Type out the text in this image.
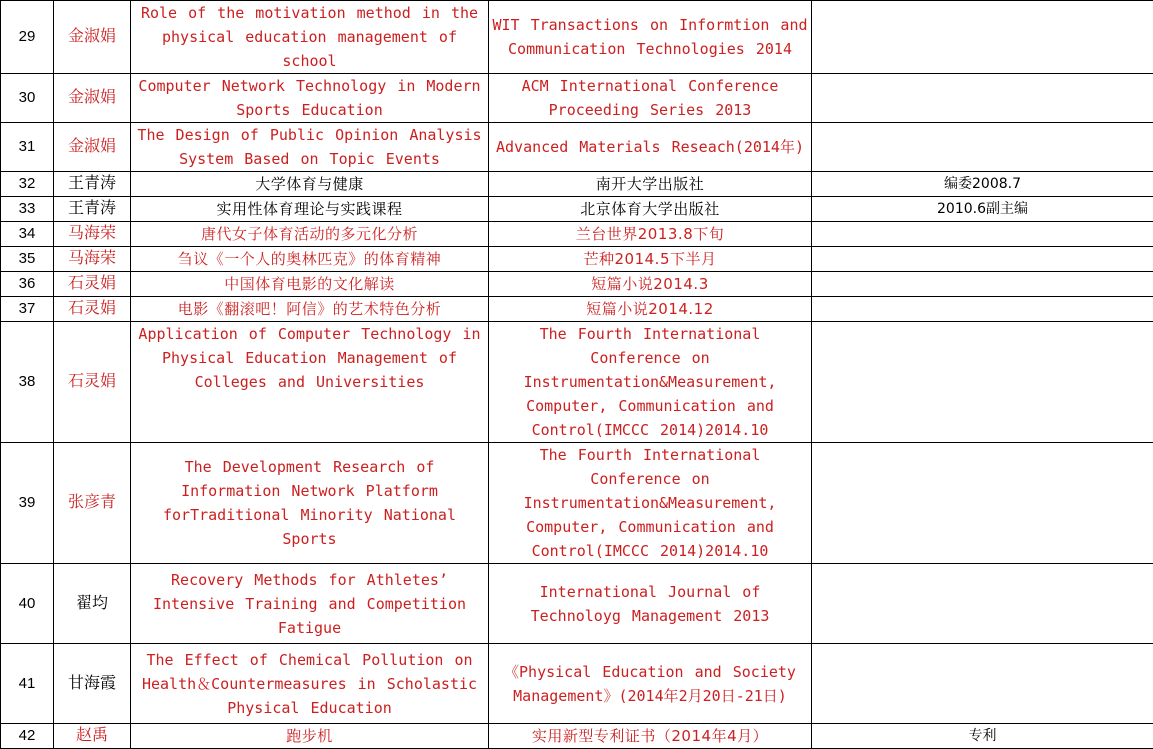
29	金淑娟	Role of the motivation method in the physical education management of school	WIT Transactions on Informtion and Communication Technologies 2014	
30	金淑娟	Computer Network Technology in Modern Sports Education	ACM International Conference Proceeding Series 2013	
31	金淑娟	The Design of Public Opinion Analysis System Based on Topic Events	Advanced Materials Reseach(2014年)	
32	王青涛	大学体育与健康	南开大学出版社	编委2008.7
33	王青涛	实用性体育理论与实践课程	北京体育大学出版社	2010.6副主编
34	马海荣	唐代女子体育活动的多元化分析	兰台世界2013.8下旬	
35	马海荣	刍议《一个人的奥林匹克》的体育精神	芒种2014.5下半月	
36	石灵娟	中国体育电影的文化解读	短篇小说2014.3	
37	石灵娟	电影《翻滚吧！阿信》的艺术特色分析	短篇小说2014.12	
38	石灵娟	Application of Computer Technology in Physical Education Management of Colleges and Universities	The Fourth International Conference on Instrumentation&Measurement, Computer, Communication and Control(IMCCC 2014)2014.10	
39	张彦青	The Development Research of Information Network Platform forTraditional Minority National Sports	The Fourth International Conference on Instrumentation&Measurement, Computer, Communication and Control(IMCCC 2014)2014.10	
40	翟均	Recovery Methods for Athletes’ Intensive Training and Competition Fatigue	International Journal of Technoloyg Management 2013	
41	甘海霞	The Effect of Chemical Pollution on Health＆Countermeasures in Scholastic Physical Education	《Physical Education and Society Management》(2014年2月20日-21日)	
42	赵禹	跑步机	实用新型专利证书（2014年4月）	专利
